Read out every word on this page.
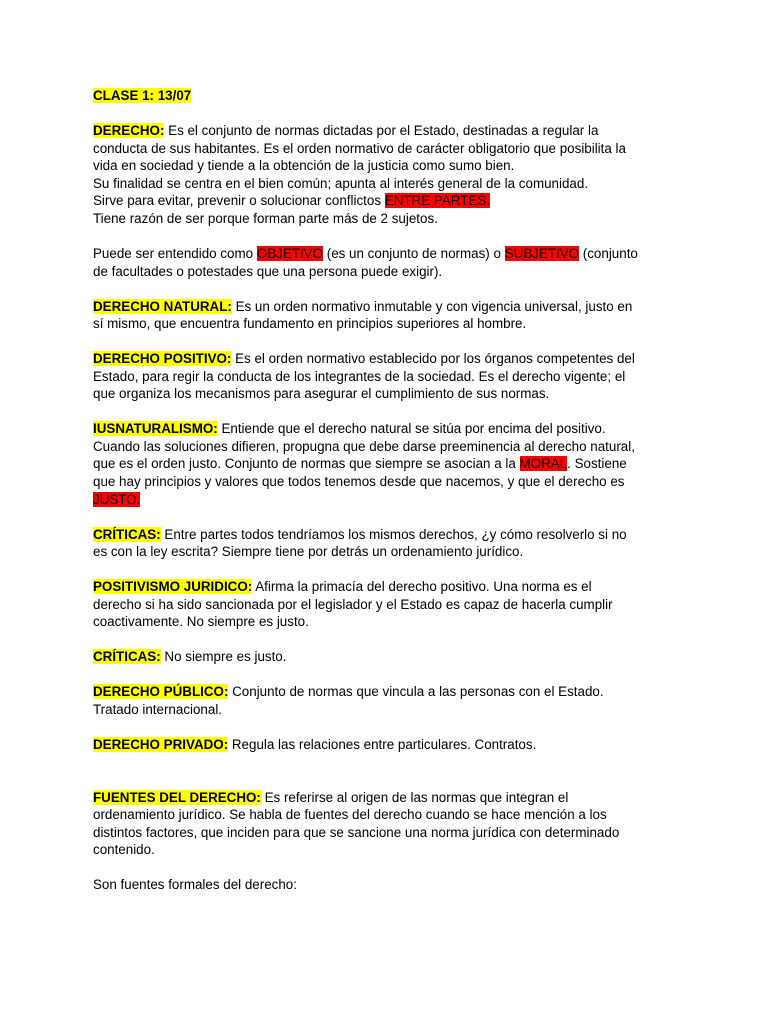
CLASE 1: 13/07
DERECHO: Es el conjunto de normas dictadas por el Estado, destinadas a regular la
conducta de sus habitantes. Es el orden normativo de carácter obligatorio que posibilita la
vida en sociedad y tiende a la obtención de la justicia como sumo bien.
Su finalidad se centra en el bien común; apunta al interés general de la comunidad.
Sirve para evitar, prevenir o solucionar conflictos ENTRE PARTES.
Tiene razón de ser porque forman parte más de 2 sujetos.
Puede ser entendido como OBJETIVO (es un conjunto de normas) o SUBJETIVO (conjunto
de facultades o potestades que una persona puede exigir).
DERECHO NATURAL: Es un orden normativo inmutable y con vigencia universal, justo en
sí mismo, que encuentra fundamento en principios superiores al hombre.
DERECHO POSITIVO: Es el orden normativo establecido por los órganos competentes del
Estado, para regir la conducta de los integrantes de la sociedad. Es el derecho vigente; el
que organiza los mecanismos para asegurar el cumplimiento de sus normas.
IUSNATURALISMO: Entiende que el derecho natural se sitúa por encima del positivo.
Cuando las soluciones difieren, propugna que debe darse preeminencia al derecho natural,
que es el orden justo. Conjunto de normas que siempre se asocian a la MORAL. Sostiene
que hay principios y valores que todos tenemos desde que nacemos, y que el derecho es
JUSTO.
CRÍTICAS: Entre partes todos tendríamos los mismos derechos, ¿y cómo resolverlo si no
es con la ley escrita? Siempre tiene por detrás un ordenamiento jurídico.
POSITIVISMO JURIDICO: Afirma la primacía del derecho positivo. Una norma es el
derecho si ha sido sancionada por el legislador y el Estado es capaz de hacerla cumplir
coactivamente. No siempre es justo.
CRÍTICAS: No siempre es justo.
DERECHO PÚBLICO: Conjunto de normas que vincula a las personas con el Estado.
Tratado internacional.
DERECHO PRIVADO: Regula las relaciones entre particulares. Contratos.
FUENTES DEL DERECHO: Es referirse al origen de las normas que integran el
ordenamiento jurídico. Se habla de fuentes del derecho cuando se hace mención a los
distintos factores, que inciden para que se sancione una norma jurídica con determinado
contenido.
Son fuentes formales del derecho:
